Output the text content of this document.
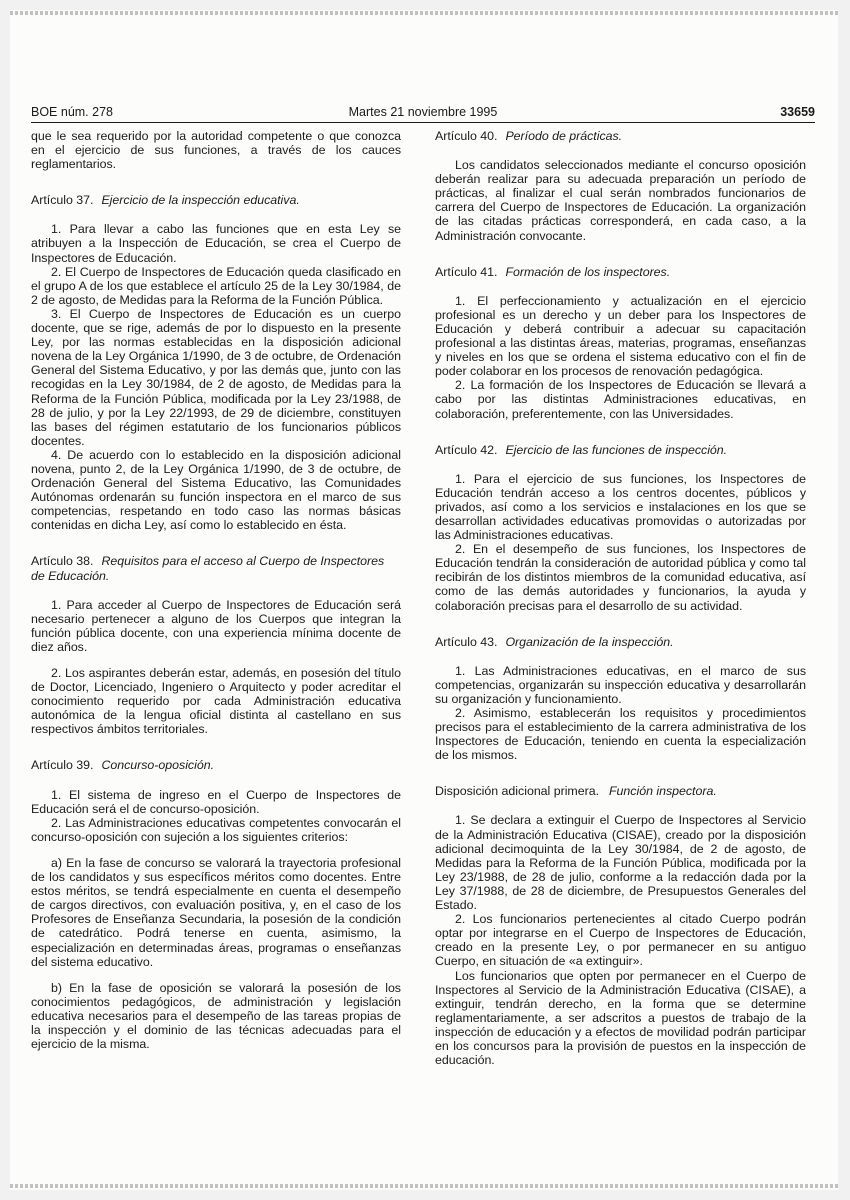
BOE núm. 278	Martes 21 noviembre 1995	33659

que le sea requerido por la autoridad competente o que conozca en el ejercicio de sus funciones, a través de los cauces reglamentarios.

Artículo 37. Ejercicio de la inspección educativa.

1. Para llevar a cabo las funciones que en esta Ley se atribuyen a la Inspección de Educación, se crea el Cuerpo de Inspectores de Educación.

2. El Cuerpo de Inspectores de Educación queda clasificado en el grupo A de los que establece el artículo 25 de la Ley 30/1984, de 2 de agosto, de Medidas para la Reforma de la Función Pública.

3. El Cuerpo de Inspectores de Educación es un cuerpo docente, que se rige, además de por lo dispuesto en la presente Ley, por las normas establecidas en la disposición adicional novena de la Ley Orgánica 1/1990, de 3 de octubre, de Ordenación General del Sistema Educativo, y por las demás que, junto con las recogidas en la Ley 30/1984, de 2 de agosto, de Medidas para la Reforma de la Función Pública, modificada por la Ley 23/1988, de 28 de julio, y por la Ley 22/1993, de 29 de diciembre, constituyen las bases del régimen estatutario de los funcionarios públicos docentes.

4. De acuerdo con lo establecido en la disposición adicional novena, punto 2, de la Ley Orgánica 1/1990, de 3 de octubre, de Ordenación General del Sistema Educativo, las Comunidades Autónomas ordenarán su función inspectora en el marco de sus competencias, respetando en todo caso las normas básicas contenidas en dicha Ley, así como lo establecido en ésta.

Artículo 38. Requisitos para el acceso al Cuerpo de Inspectores de Educación.

1. Para acceder al Cuerpo de Inspectores de Educación será necesario pertenecer a alguno de los Cuerpos que integran la función pública docente, con una experiencia mínima docente de diez años.

2. Los aspirantes deberán estar, además, en posesión del título de Doctor, Licenciado, Ingeniero o Arquitecto y poder acreditar el conocimiento requerido por cada Administración educativa autonómica de la lengua oficial distinta al castellano en sus respectivos ámbitos territoriales.

Artículo 39. Concurso-oposición.

1. El sistema de ingreso en el Cuerpo de Inspectores de Educación será el de concurso-oposición.

2. Las Administraciones educativas competentes convocarán el concurso-oposición con sujeción a los siguientes criterios:

a) En la fase de concurso se valorará la trayectoria profesional de los candidatos y sus específicos méritos como docentes. Entre estos méritos, se tendrá especialmente en cuenta el desempeño de cargos directivos, con evaluación positiva, y, en el caso de los Profesores de Enseñanza Secundaria, la posesión de la condición de catedrático. Podrá tenerse en cuenta, asimismo, la especialización en determinadas áreas, programas o enseñanzas del sistema educativo.

b) En la fase de oposición se valorará la posesión de los conocimientos pedagógicos, de administración y legislación educativa necesarios para el desempeño de las tareas propias de la inspección y el dominio de las técnicas adecuadas para el ejercicio de la misma.

Artículo 40. Período de prácticas.

Los candidatos seleccionados mediante el concurso oposición deberán realizar para su adecuada preparación un período de prácticas, al finalizar el cual serán nombrados funcionarios de carrera del Cuerpo de Inspectores de Educación. La organización de las citadas prácticas corresponderá, en cada caso, a la Administración convocante.

Artículo 41. Formación de los inspectores.

1. El perfeccionamiento y actualización en el ejercicio profesional es un derecho y un deber para los Inspectores de Educación y deberá contribuir a adecuar su capacitación profesional a las distintas áreas, materias, programas, enseñanzas y niveles en los que se ordena el sistema educativo con el fin de poder colaborar en los procesos de renovación pedagógica.

2. La formación de los Inspectores de Educación se llevará a cabo por las distintas Administraciones educativas, en colaboración, preferentemente, con las Universidades.

Artículo 42. Ejercicio de las funciones de inspección.

1. Para el ejercicio de sus funciones, los Inspectores de Educación tendrán acceso a los centros docentes, públicos y privados, así como a los servicios e instalaciones en los que se desarrollan actividades educativas promovidas o autorizadas por las Administraciones educativas.

2. En el desempeño de sus funciones, los Inspectores de Educación tendrán la consideración de autoridad pública y como tal recibirán de los distintos miembros de la comunidad educativa, así como de las demás autoridades y funcionarios, la ayuda y colaboración precisas para el desarrollo de su actividad.

Artículo 43. Organización de la inspección.

1. Las Administraciones educativas, en el marco de sus competencias, organizarán su inspección educativa y desarrollarán su organización y funcionamiento.

2. Asimismo, establecerán los requisitos y procedimientos precisos para el establecimiento de la carrera administrativa de los Inspectores de Educación, teniendo en cuenta la especialización de los mismos.

Disposición adicional primera. Función inspectora.

1. Se declara a extinguir el Cuerpo de Inspectores al Servicio de la Administración Educativa (CISAE), creado por la disposición adicional decimoquinta de la Ley 30/1984, de 2 de agosto, de Medidas para la Reforma de la Función Pública, modificada por la Ley 23/1988, de 28 de julio, conforme a la redacción dada por la Ley 37/1988, de 28 de diciembre, de Presupuestos Generales del Estado.

2. Los funcionarios pertenecientes al citado Cuerpo podrán optar por integrarse en el Cuerpo de Inspectores de Educación, creado en la presente Ley, o por permanecer en su antiguo Cuerpo, en situación de «a extinguir».

Los funcionarios que opten por permanecer en el Cuerpo de Inspectores al Servicio de la Administración Educativa (CISAE), a extinguir, tendrán derecho, en la forma que se determine reglamentariamente, a ser adscritos a puestos de trabajo de la inspección de educación y a efectos de movilidad podrán participar en los concursos para la provisión de puestos en la inspección de educación.
